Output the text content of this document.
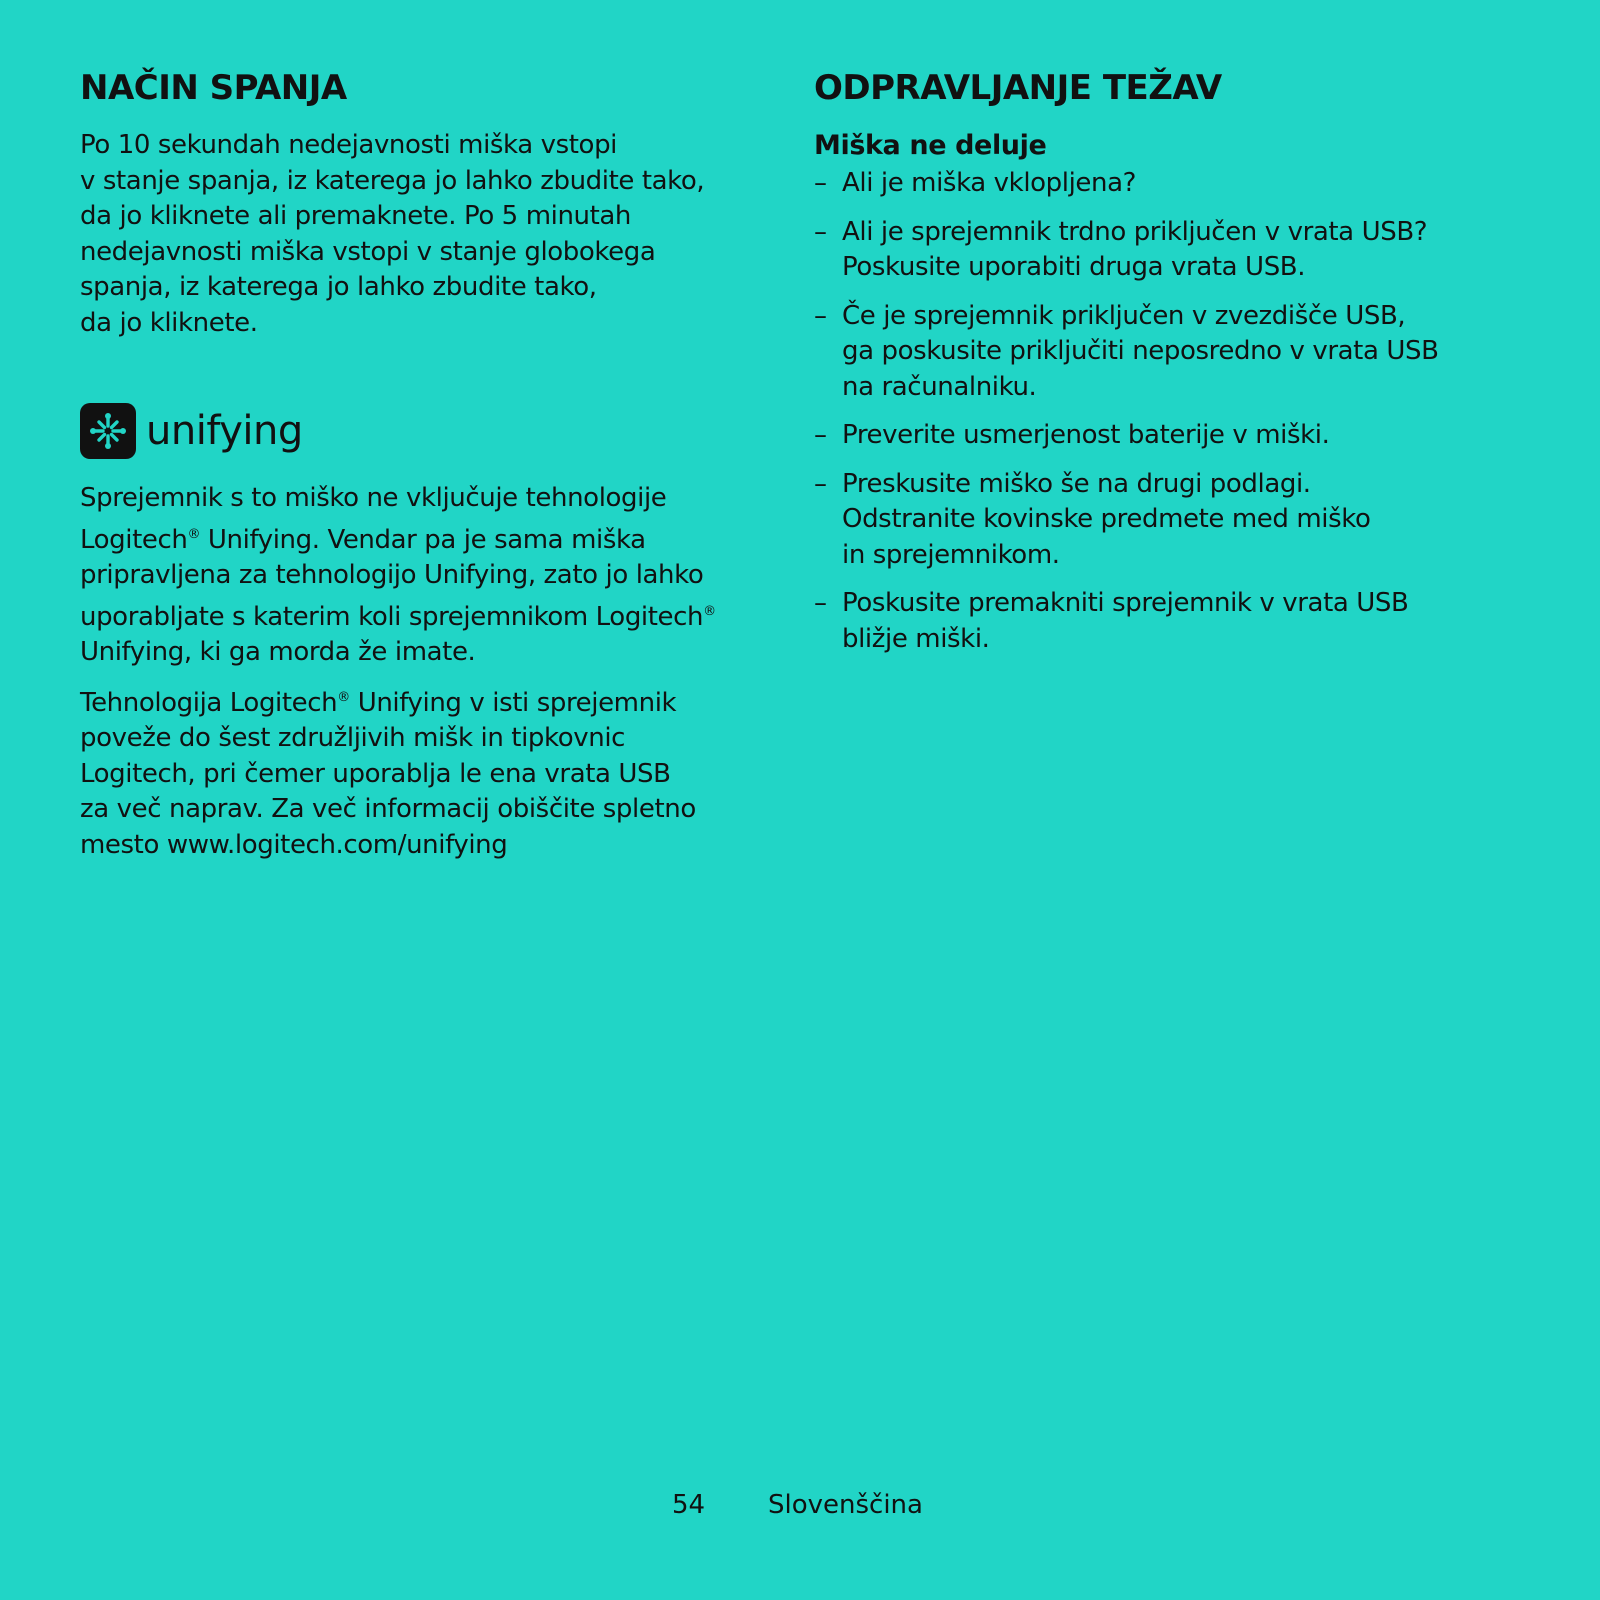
NAČIN SPANJA

Po 10 sekundah nedejavnosti miška vstopi
v stanje spanja, iz katerega jo lahko zbudite tako,
da jo kliknete ali premaknete. Po 5 minutah
nedejavnosti miška vstopi v stanje globokega
spanja, iz katerega jo lahko zbudite tako,
da jo kliknete.

unifying

Sprejemnik s to miško ne vključuje tehnologije
Logitech® Unifying. Vendar pa je sama miška
pripravljena za tehnologijo Unifying, zato jo lahko
uporabljate s katerim koli sprejemnikom Logitech®
Unifying, ki ga morda že imate.

Tehnologija Logitech® Unifying v isti sprejemnik
poveže do šest združljivih mišk in tipkovnic
Logitech, pri čemer uporablja le ena vrata USB
za več naprav. Za več informacij obiščite spletno
mesto www.logitech.com/unifying

ODPRAVLJANJE TEŽAV
Miška ne deluje
– Ali je miška vklopljena?
– Ali je sprejemnik trdno priključen v vrata USB?
Poskusite uporabiti druga vrata USB.
– Če je sprejemnik priključen v zvezdišče USB,
ga poskusite priključiti neposredno v vrata USB
na računalniku.
– Preverite usmerjenost baterije v miški.
– Preskusite miško še na drugi podlagi.
Odstranite kovinske predmete med miško
in sprejemnikom.
– Poskusite premakniti sprejemnik v vrata USB
bližje miški.
54 Slovenščina
